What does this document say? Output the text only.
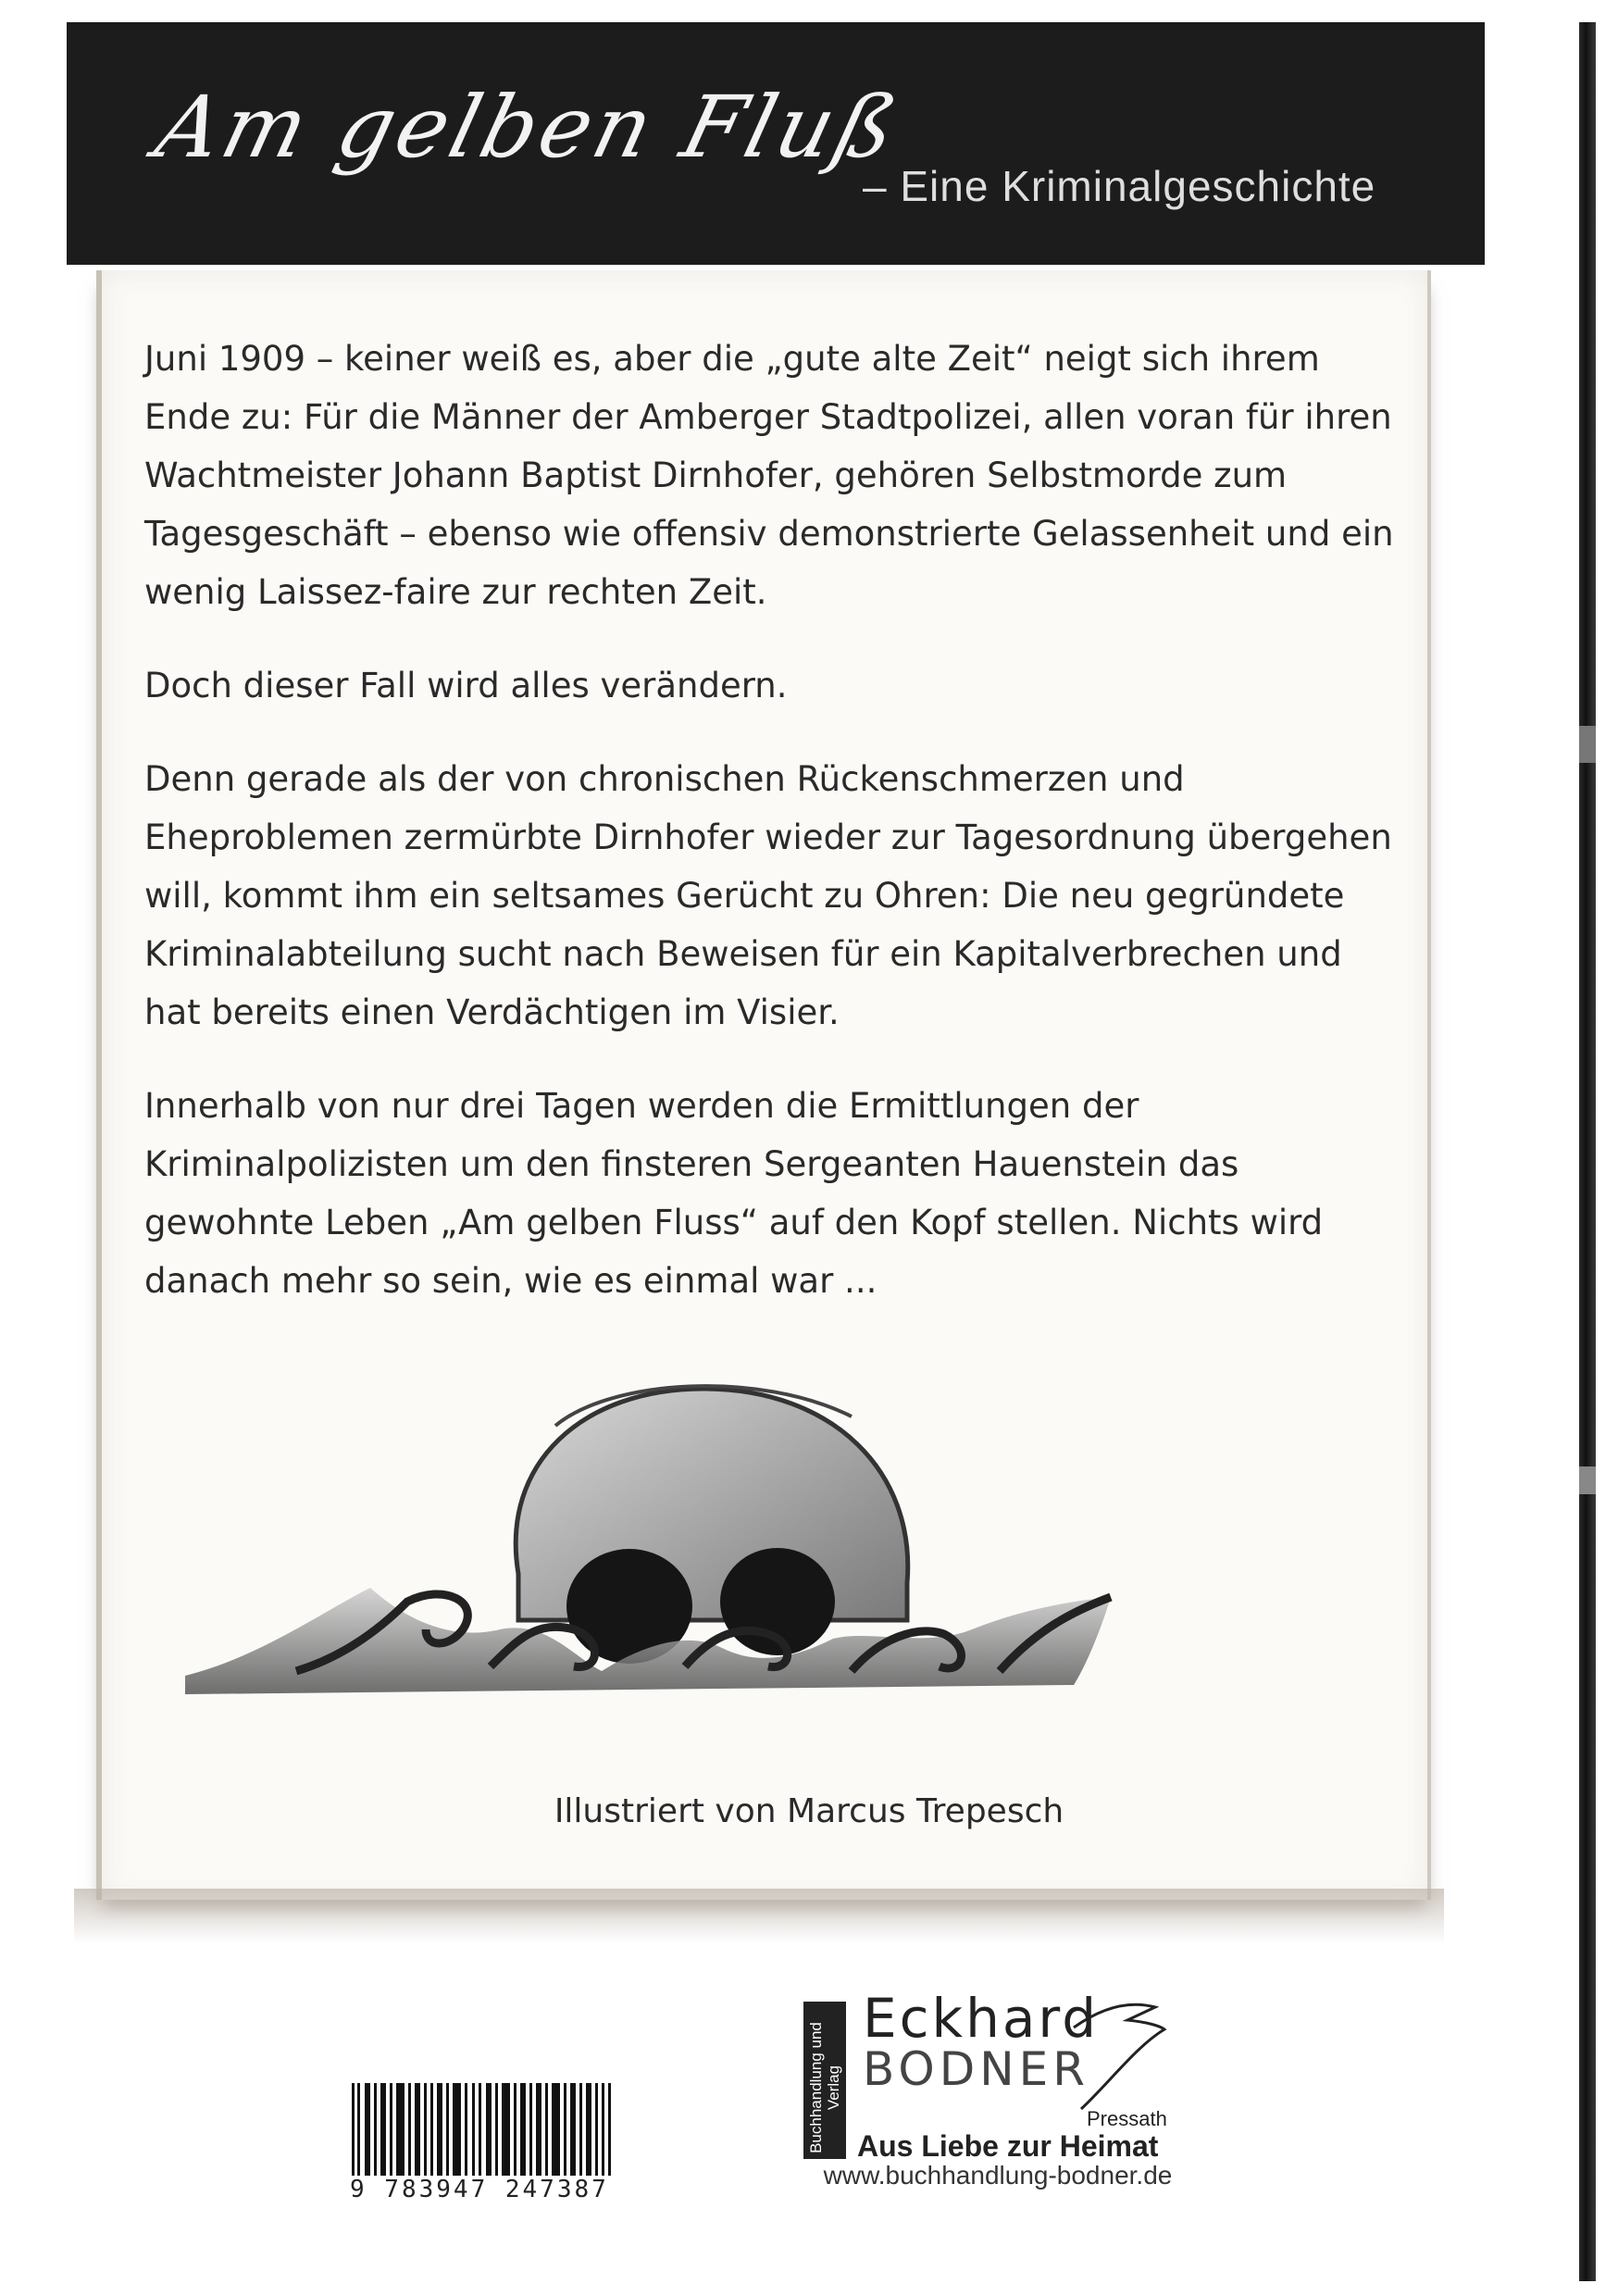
Am gelben Fluß
– Eine Kriminalgeschichte

Juni 1909 – keiner weiß es, aber die „gute alte Zeit“ neigt sich ihrem Ende zu: Für die Männer der Amberger Stadtpolizei, allen voran für ihren Wachtmeister Johann Baptist Dirnhofer, gehören Selbstmorde zum Tagesgeschäft – ebenso wie offensiv demonstrierte Gelassenheit und ein wenig Laissez-faire zur rechten Zeit.

Doch dieser Fall wird alles verändern.

Denn gerade als der von chronischen Rückenschmerzen und Eheproblemen zermürbte Dirnhofer wieder zur Tagesordnung übergehen will, kommt ihm ein seltsames Gerücht zu Ohren: Die neu gegründete Kriminalabteilung sucht nach Beweisen für ein Kapitalverbrechen und hat bereits einen Verdächtigen im Visier.

Innerhalb von nur drei Tagen werden die Ermittlungen der Kriminalpolizisten um den finsteren Sergeanten Hauenstein das gewohnte Leben „Am gelben Fluss“ auf den Kopf stellen. Nichts wird danach mehr so sein, wie es einmal war ...

Illustriert von Marcus Trepesch
9 783947 247387
Buchhandlung und Verlag
Eckhard
BODNER
Pressath
Aus Liebe zur Heimat
www.buchhandlung-bodner.de
